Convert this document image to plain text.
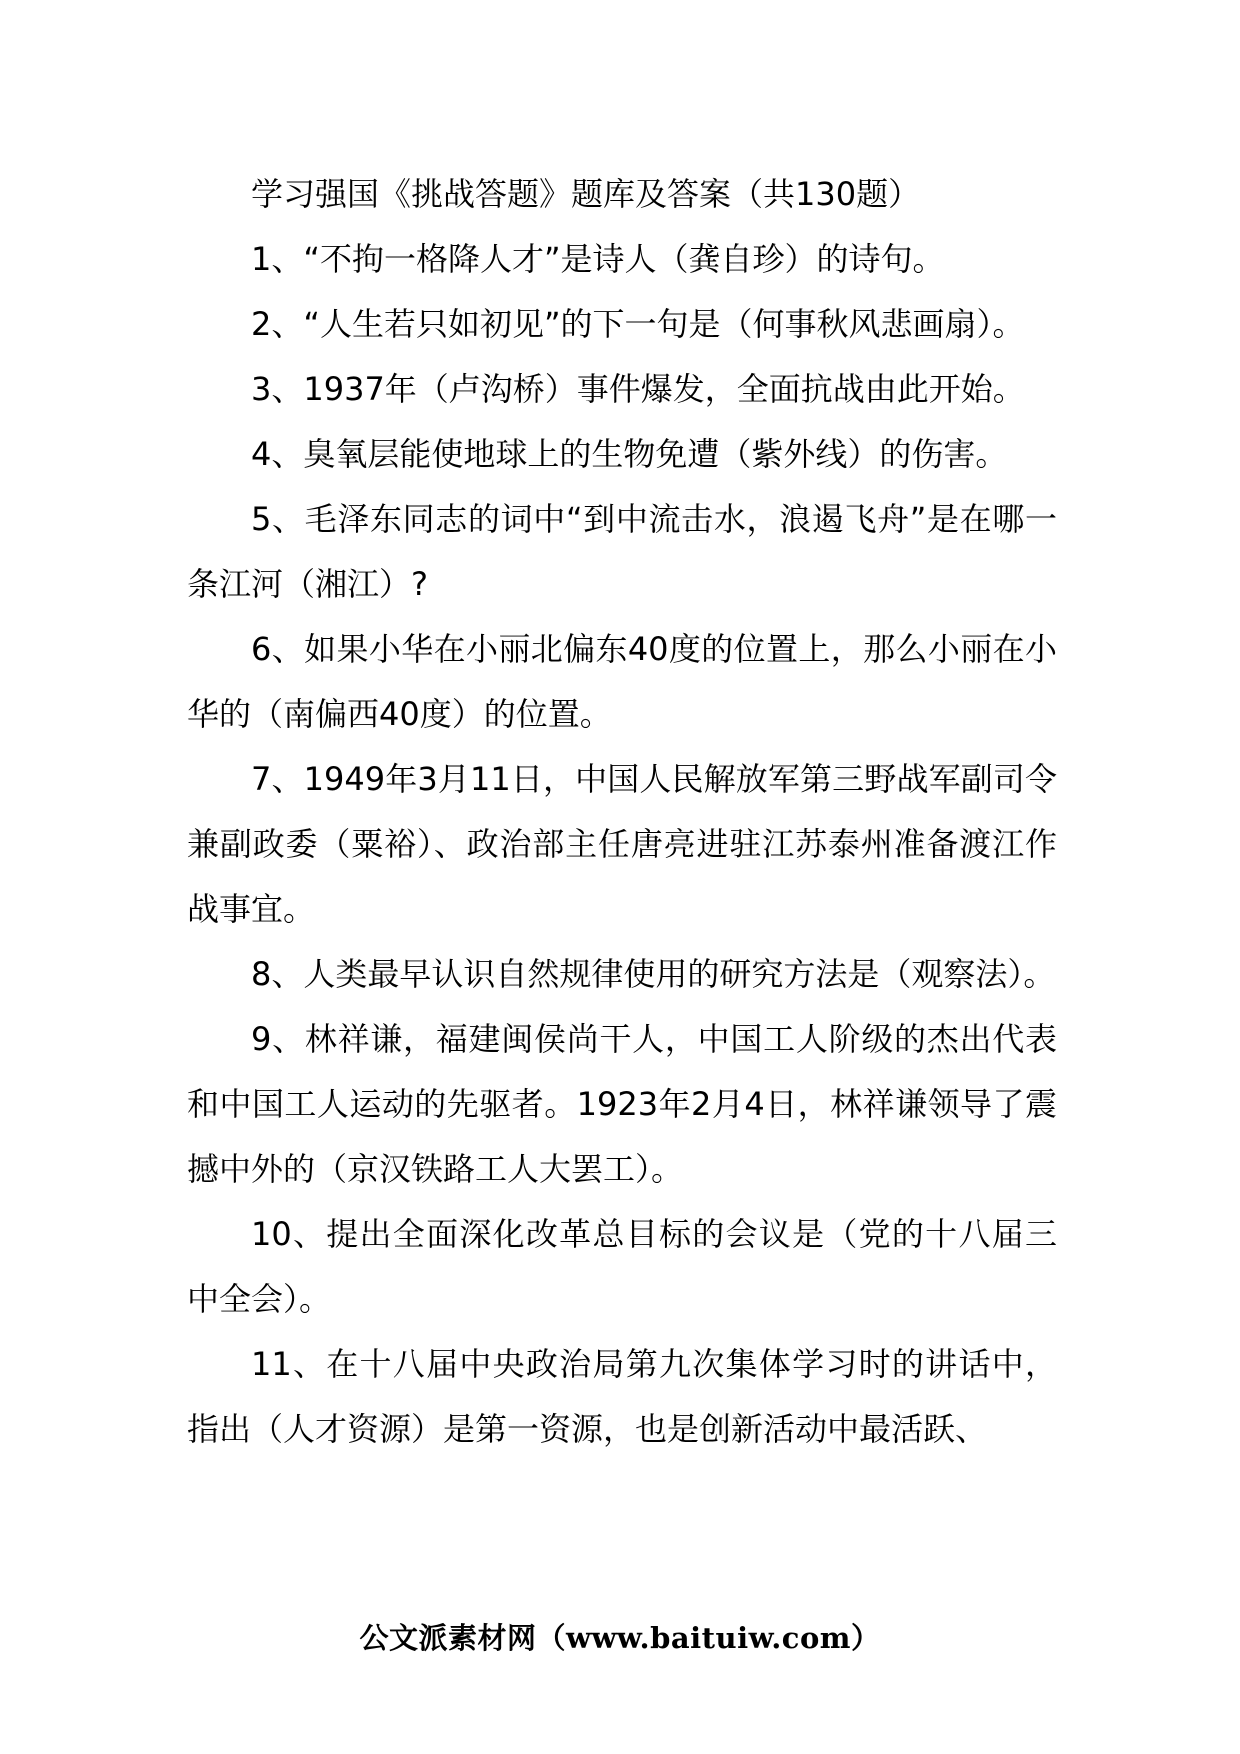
学习强国《挑战答题》题库及答案（共130题）

1、“不拘一格降人才”是诗人（龚自珍）的诗句。

2、“人生若只如初见”的下一句是（何事秋风悲画扇）。

3、1937年（卢沟桥）事件爆发，全面抗战由此开始。

4、臭氧层能使地球上的生物免遭（紫外线）的伤害。

5、毛泽东同志的词中“到中流击水，浪遏飞舟”是在哪一条江河（湘江）?

6、如果小华在小丽北偏东40度的位置上，那么小丽在小华的（南偏西40度）的位置。

7、1949年3月11日，中国人民解放军第三野战军副司令兼副政委（粟裕）、政治部主任唐亮进驻江苏泰州准备渡江作战事宜。

8、人类最早认识自然规律使用的研究方法是（观察法）。

9、林祥谦，福建闽侯尚干人，中国工人阶级的杰出代表和中国工人运动的先驱者。1923年2月4日，林祥谦领导了震撼中外的（京汉铁路工人大罢工）。

10、提出全面深化改革总目标的会议是（党的十八届三中全会）。

11、在十八届中央政治局第九次集体学习时的讲话中，指出（人才资源）是第一资源，也是创新活动中最活跃、

公文派素材网（www.baituiw.com）
